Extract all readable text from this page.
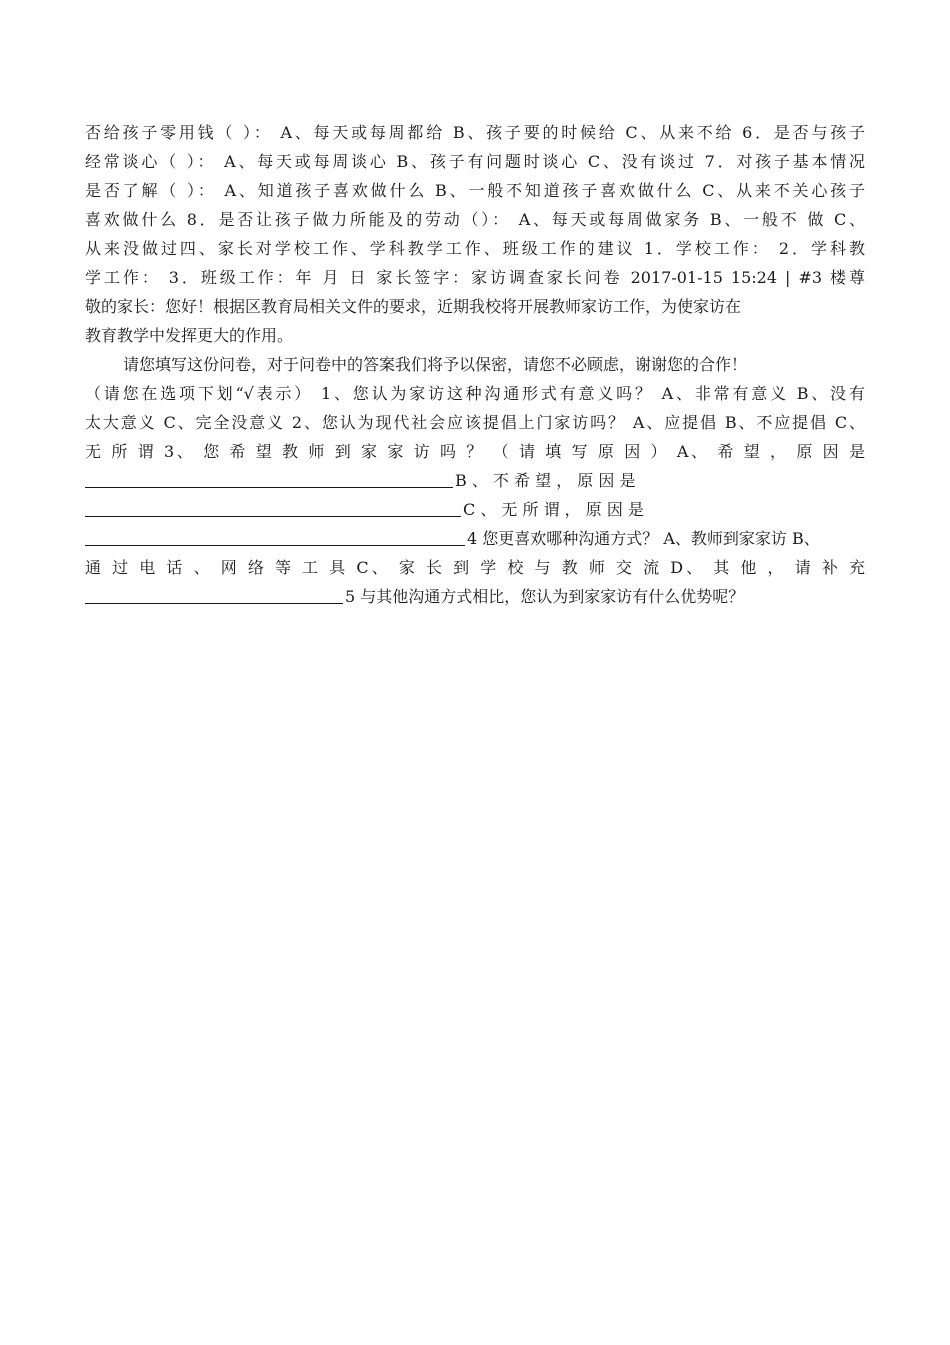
否给孩子零用钱（ ）： A、每天或每周都给 B、孩子要的时候给 C、从来不给 6．是否与孩子
经常谈心（ ）： A、每天或每周谈心 B、孩子有问题时谈心 C、没有谈过 7．对孩子基本情况
是否了解（ ）： A、知道孩子喜欢做什么 B、一般不知道孩子喜欢做什么 C、从来不关心孩子
喜欢做什么 8．是否让孩子做力所能及的劳动（）： A、每天或每周做家务 B、一般不 做 C、
从来没做过四、家长对学校工作、学科教学工作、班级工作的建议 1．学校工作： 2．学科教
学工作： 3．班级工作：年 月 日 家长签字：家访调查家长问卷 2017-01-15 15:24 | #3 楼尊
敬的家长：您好！根据区教育局相关文件的要求，近期我校将开展教师家访工作，为使家访在
教育教学中发挥更大的作用。
请您填写这份问卷，对于问卷中的答案我们将予以保密，请您不必顾虑，谢谢您的合作！
（请您在选项下划“√表示） 1、您认为家访这种沟通形式有意义吗？ A、非常有意义 B、没有
太大意义 C、完全没意义 2、您认为现代社会应该提倡上门家访吗？ A、应提倡 B、不应提倡 C、
无 所 谓 3、 您 希 望 教 师 到 家 家 访 吗 ？ （ 请 填 写 原 因 ） A、 希 望 ， 原 因 是
B 、 不 希 望 ， 原 因 是
C 、 无 所 谓 ， 原 因 是
4 您更喜欢哪种沟通方式？ A、教师到家家访 B、
通 过 电 话 、 网 络 等 工 具 C、 家 长 到 学 校 与 教 师 交 流 D、 其 他 ， 请 补 充
5 与其他沟通方式相比，您认为到家家访有什么优势呢？
